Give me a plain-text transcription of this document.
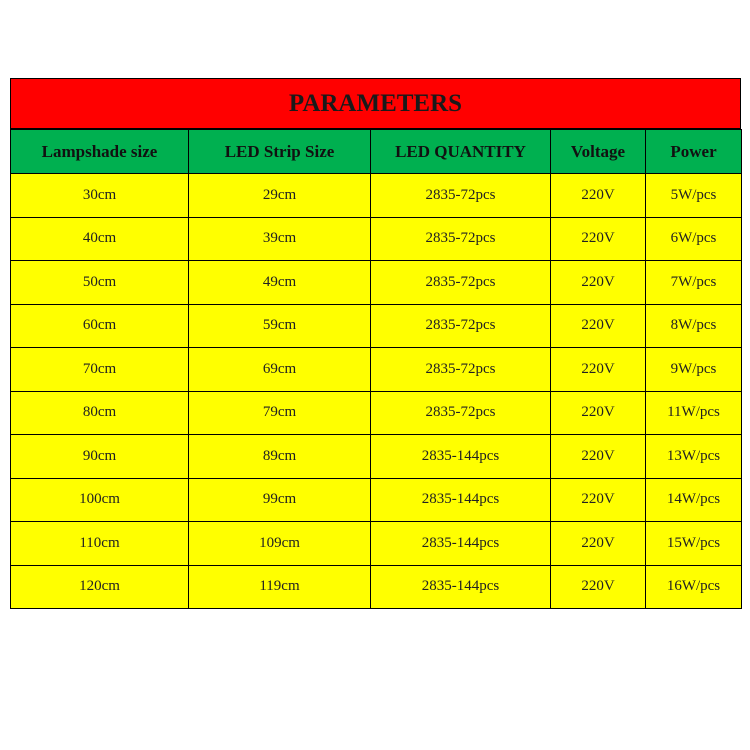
PARAMETERS
Lampshade size	LED Strip Size	LED QUANTITY	Voltage	Power
30cm	29cm	2835-72pcs	220V	5W/pcs
40cm	39cm	2835-72pcs	220V	6W/pcs
50cm	49cm	2835-72pcs	220V	7W/pcs
60cm	59cm	2835-72pcs	220V	8W/pcs
70cm	69cm	2835-72pcs	220V	9W/pcs
80cm	79cm	2835-72pcs	220V	11W/pcs
90cm	89cm	2835-144pcs	220V	13W/pcs
100cm	99cm	2835-144pcs	220V	14W/pcs
110cm	109cm	2835-144pcs	220V	15W/pcs
120cm	119cm	2835-144pcs	220V	16W/pcs
